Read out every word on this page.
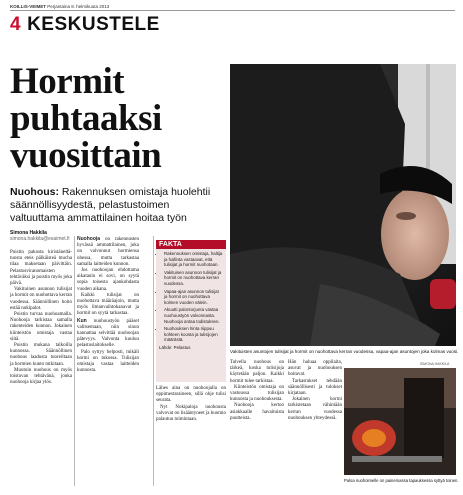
KOILLIS-VEIMET Perjantaina 8. helmikuuta 2013
4 KESKUSTELE
Hormit
puhtaaksi
vuosittain
Nuohous: Rakennuksen omistaja huolehtii säännöllisyydestä, pelastustoimen valtuuttama ammattilainen hoitaa työn
Simona Hakkila
simona.hakkila@esaimet.fi
Vakituisten asuntojen tulisijat ja hormit on nuohottava kerran vuodessa, vapaa-ajan asuntojen joka kolmas vuosi.

Poistin pakosta kiristäneltä-tuosta eteis pälkäisteä mucha tilaa maksetaan päivittäin. Pelastusviranomaisten tehtäväksi ja poistin myös joka päivä.

Vakituinen asunnon tulisijat ja hormit on nuohottava kerran vuodessa. Säännöllinen hoito estää nokipalot.

Poistin turvaa nuohoamalla. Nuohooja tarkistaa samalla rakenteiden kunnon. Jokainen kiinteistön omistaja vastaa siitä.

Poistin mukana talkoilla kunnossa. Säännöllinen nuohous laadusta tuoreiltaan ja hormien kunto tutkitaan.

Muutoin nuohous on myös toistuvan tehtävänä, jonka nuohooja kirjaa ylös.

Nuohooja on rakennusten hyvässä ammattilainen, joka on valvonnut hormiensa ohessa, mutta tarkastaa samalla laitteiden kunnon.

Jos nuohoojan ehdottama aikataulu ei sovi, on syytä sopia toisesta ajankohdasta vuoden aikana.

Kaikki tulisijat on nuohottava määräajoin, mutta myös ilmanvaihtokanavat ja hormit on syytä tarkastaa.

Kun nuohoustyön pääset valitsemaan, niin sinun kannattaa selvittää nuohoojan pätevyys. Valvonta kuuluu pelastuslaitokselle.

Palo syttyy helposti, mikäli hormi on tukossa. Tulisijan omistaja vastaa laitteiden kunnosta.

FAKTA
• Rakennuksen omistaja, haltija ja hallinta vastaavat, että tulisijat ja hormit nuohotaan.
• Vakituisen asunnon tulisijat ja hormit on nuohottava kerran vuodessa.
• Vapaa-ajan asunnon tulisijat ja hormit on nuohottava kolmen vuoden välein.
• Akuutti palontorjunta vastaa nuohoustyön valvonnasta. Nuohooja antaa todistuksen.
• Nuohouksen hinta riippuu kohteen koosta ja tulisijojen määrästä.
Lähde: Pelastus

Lähes aina on nuohoojalla on oppimestaraineen, sillä ohje tulisi seurata.

Nyt Nokipaloja nuohousta valvovat on lisääntyneet ja huomio palautuu toimintaan.

Talvella nuohous on tärkeä, koska tulisijoja käytetään paljon. Kaikki hormit tulee tarkistaa.

Kiinteistön omistaja on vastuussa tulisijan kunnosta ja nuohouksesta.

Nuohooja kertoo asiakkaalle havaituista puutteista.

Hän haluaa oppilaita, asuvat ja nuohouksen hoitavat.

Tarkastukset tehdään säännöllisesti ja tulokset kirjataan.

Jokainen hormi tarkistetaan vähintään kerran vuodessa nuohouksen yhteydessä.

Paloa nuohoimelle on painemassa tapauksessa syttyä toinen.
SIMONA HAKKILA
